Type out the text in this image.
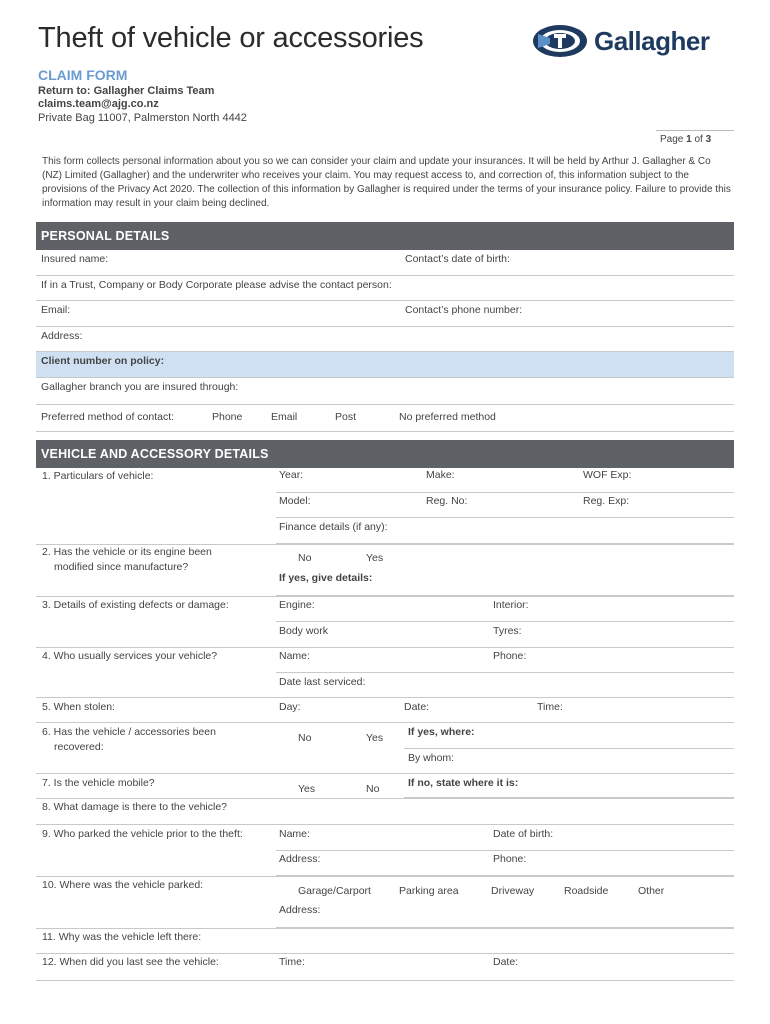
Theft of vehicle or accessories	Gallagher
CLAIM FORM
Return to: Gallagher Claims Team
claims.team@ajg.co.nz
Private Bag 11007, Palmerston North 4442
Page 1 of 3
This form collects personal information about you so we can consider your claim and update your insurances. It will be held by Arthur J. Gallagher & Co (NZ) Limited (Gallagher) and the underwriter who receives your claim. You may request access to, and correction of, this information subject to the provisions of the Privacy Act 2020. The collection of this information by Gallagher is required under the terms of your insurance policy. Failure to provide this information may result in your claim being declined.
PERSONAL DETAILS
Insured name:	Contact’s date of birth:
If in a Trust, Company or Body Corporate please advise the contact person:
Email:	Contact’s phone number:
Address:
Client number on policy:
Gallagher branch you are insured through:
Preferred method of contact:	Phone	Email	Post	No preferred method
VEHICLE AND ACCESSORY DETAILS
1. Particulars of vehicle:	Year:	Make:	WOF Exp:
Model:	Reg. No:	Reg. Exp:
Finance details (if any):
2. Has the vehicle or its engine been
modified since manufacture?
No	Yes
If yes, give details:
3. Details of existing defects or damage:	Engine:	Interior:
Body work	Tyres:
4. Who usually services your vehicle?	Name:	Phone:
Date last serviced:
5. When stolen:	Day:	Date:	Time:
6. Has the vehicle / accessories been
recovered:
No	Yes If yes, where:
By whom:
7. Is the vehicle mobile?	Yes	No	If no, state where it is:
8. What damage is there to the vehicle?
9. Who parked the vehicle prior to the theft:	Name:	Date of birth:
Address:	Phone:
10. Where was the vehicle parked:	Garage/Carport	Parking area	Driveway	Roadside	Other
Address:
11. Why was the vehicle left there:
12. When did you last see the vehicle:	Time:	Date:
